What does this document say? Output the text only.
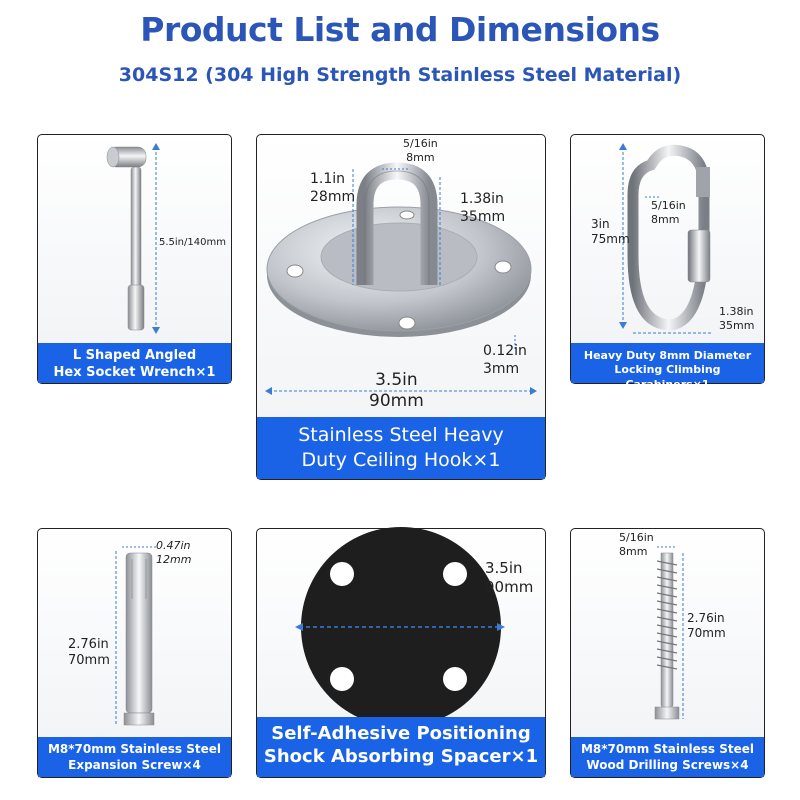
Product List and Dimensions
304S12 (304 High Strength Stainless Steel Material)
5.5in/140mm
L Shaped Angled
Hex Socket Wrench×1
5/16in
8mm
1.1in
28mm	1.38in
35mm
0.12in
3mm
3.5in
90mm
Stainless Steel Heavy
Duty Ceiling Hook×1
3in
75mm
5/16in
8mm
1.38in
35mm
Heavy Duty 8mm Diameter
Locking Climbing Carabiners×1
0.47in
12mm
2.76in
70mm
M8*70mm Stainless Steel
Expansion Screw×4
3.5in
90mm
Self-Adhesive Positioning
Shock Absorbing Spacer×1
5/16in
8mm
2.76in
70mm
M8*70mm Stainless Steel
Wood Drilling Screws×4
